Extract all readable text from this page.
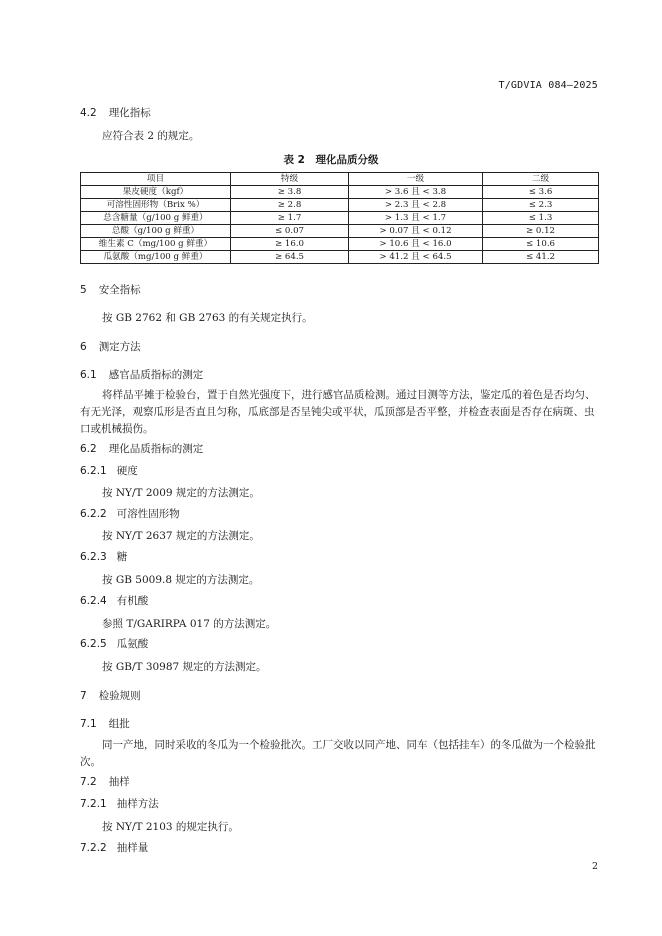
T/GDVIA 084—2025
4.2 理化指标
应符合表 2 的规定。
表 2　理化品质分级
项目	特级	一级	二级
果皮硬度（kgf）	≥ 3.8	> 3.6 且 < 3.8	≤ 3.6
可溶性固形物（Brix %）	≥ 2.8	> 2.3 且 < 2.8	≤ 2.3
总含糖量（g/100 g 鲜重）	≥ 1.7	> 1.3 且 < 1.7	≤ 1.3
总酸（g/100 g 鲜重）	≤ 0.07	> 0.07 且 < 0.12	≥ 0.12
维生素 C（mg/100 g 鲜重）	≥ 16.0	> 10.6 且 < 16.0	≤ 10.6
瓜氨酸（mg/100 g 鲜重）	≥ 64.5	> 41.2 且 < 64.5	≤ 41.2
5 安全指标
按 GB 2762 和 GB 2763 的有关规定执行。
6 测定方法
6.1 感官品质指标的测定
将样品平摊于检验台，置于自然光强度下，进行感官品质检测。通过目测等方法，鉴定瓜的着色是否均匀、有无光泽，观察瓜形是否直且匀称，瓜底部是否呈钝尖或平状，瓜顶部是否平整，并检查表面是否存在病斑、虫口或机械损伤。
6.2 理化品质指标的测定
6.2.1 硬度
按 NY/T 2009 规定的方法测定。
6.2.2 可溶性固形物
按 NY/T 2637 规定的方法测定。
6.2.3 糖
按 GB 5009.8 规定的方法测定。
6.2.4 有机酸
参照 T/GARIRPA 017 的方法测定。
6.2.5 瓜氨酸
按 GB/T 30987 规定的方法测定。
7 检验规则
7.1 组批
同一产地，同时采收的冬瓜为一个检验批次。工厂交收以同产地、同车（包括挂车）的冬瓜做为一个检验批次。
7.2 抽样
7.2.1 抽样方法
按 NY/T 2103 的规定执行。
7.2.2 抽样量
2
